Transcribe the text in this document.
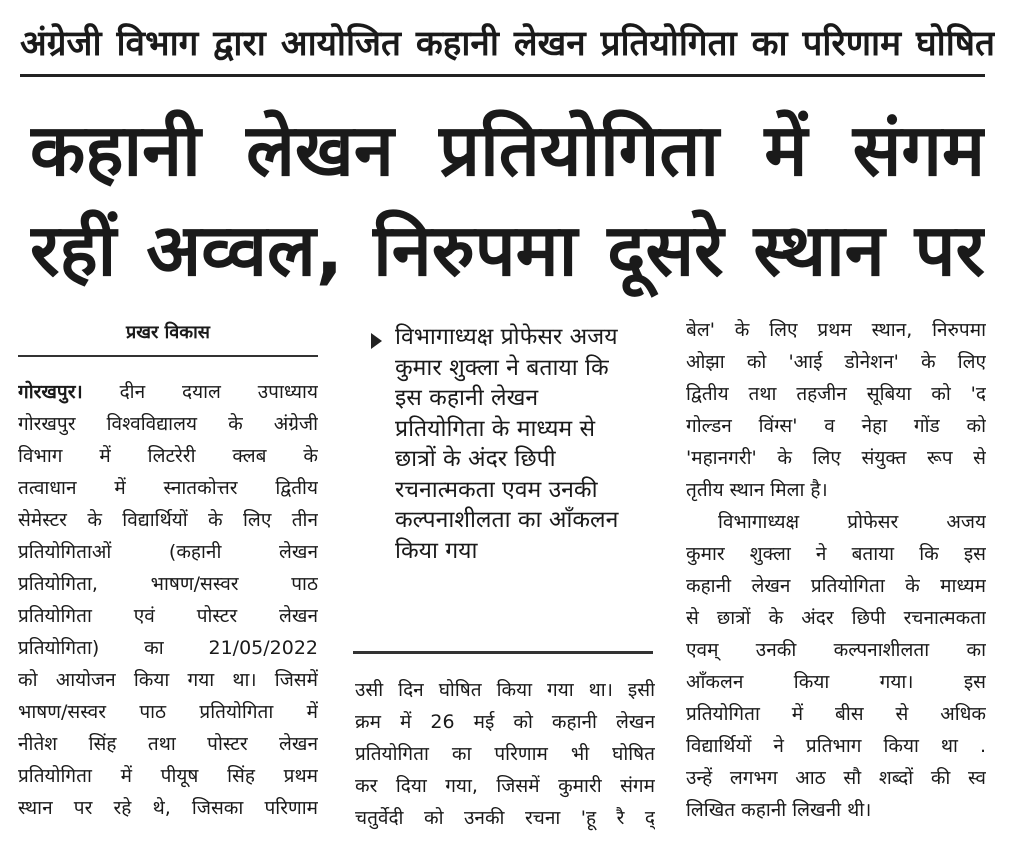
अंग्रेजी विभाग द्वारा आयोजित कहानी लेखन प्रतियोगिता का परिणाम घोषित
कहानी लेखन प्रतियोगिता में संगम
रहीं अव्वल, निरुपमा दूसरे स्थान पर
प्रखर विकास
गोरखपुर। दीन दयाल उपाध्याय
गोरखपुर विश्वविद्यालय के अंग्रेजी
विभाग में लिटरेरी क्लब के
तत्वाधान में स्नातकोत्तर द्वितीय
सेमेस्टर के विद्यार्थियों के लिए तीन
प्रतियोगिताओं (कहानी लेखन
प्रतियोगिता, भाषण/सस्वर पाठ
प्रतियोगिता एवं पोस्टर लेखन
प्रतियोगिता) का 21/05/2022
को आयोजन किया गया था। जिसमें
भाषण/सस्वर पाठ प्रतियोगिता में
नीतेश सिंह तथा पोस्टर लेखन
प्रतियोगिता में पीयूष सिंह प्रथम
स्थान पर रहे थे, जिसका परिणाम
विभागाध्यक्ष प्रोफेसर अजय
कुमार शुक्ला ने बताया कि
इस कहानी लेखन
प्रतियोगिता के माध्यम से
छात्रों के अंदर छिपी
रचनात्मकता एवम उनकी
कल्पनाशीलता का आँकलन
किया गया
उसी दिन घोषित किया गया था। इसी
क्रम में 26 मई को कहानी लेखन
प्रतियोगिता का परिणाम भी घोषित
कर दिया गया, जिसमें कुमारी संगम
चतुर्वेदी को उनकी रचना 'हू रै द्
बेल' के लिए प्रथम स्थान, निरुपमा
ओझा को 'आई डोनेशन' के लिए
द्वितीय तथा तहजीन सूबिया को 'द
गोल्डन विंग्स' व नेहा गोंड को
'महानगरी' के लिए संयुक्त रूप से
तृतीय स्थान मिला है।
विभागाध्यक्ष प्रोफेसर अजय
कुमार शुक्ला ने बताया कि इस
कहानी लेखन प्रतियोगिता के माध्यम
से छात्रों के अंदर छिपी रचनात्मकता
एवम् उनकी कल्पनाशीलता का
आँकलन किया गया। इस
प्रतियोगिता में बीस से अधिक
विद्यार्थियों ने प्रतिभाग किया था .
उन्हें लगभग आठ सौ शब्दों की स्व
लिखित कहानी लिखनी थी।
